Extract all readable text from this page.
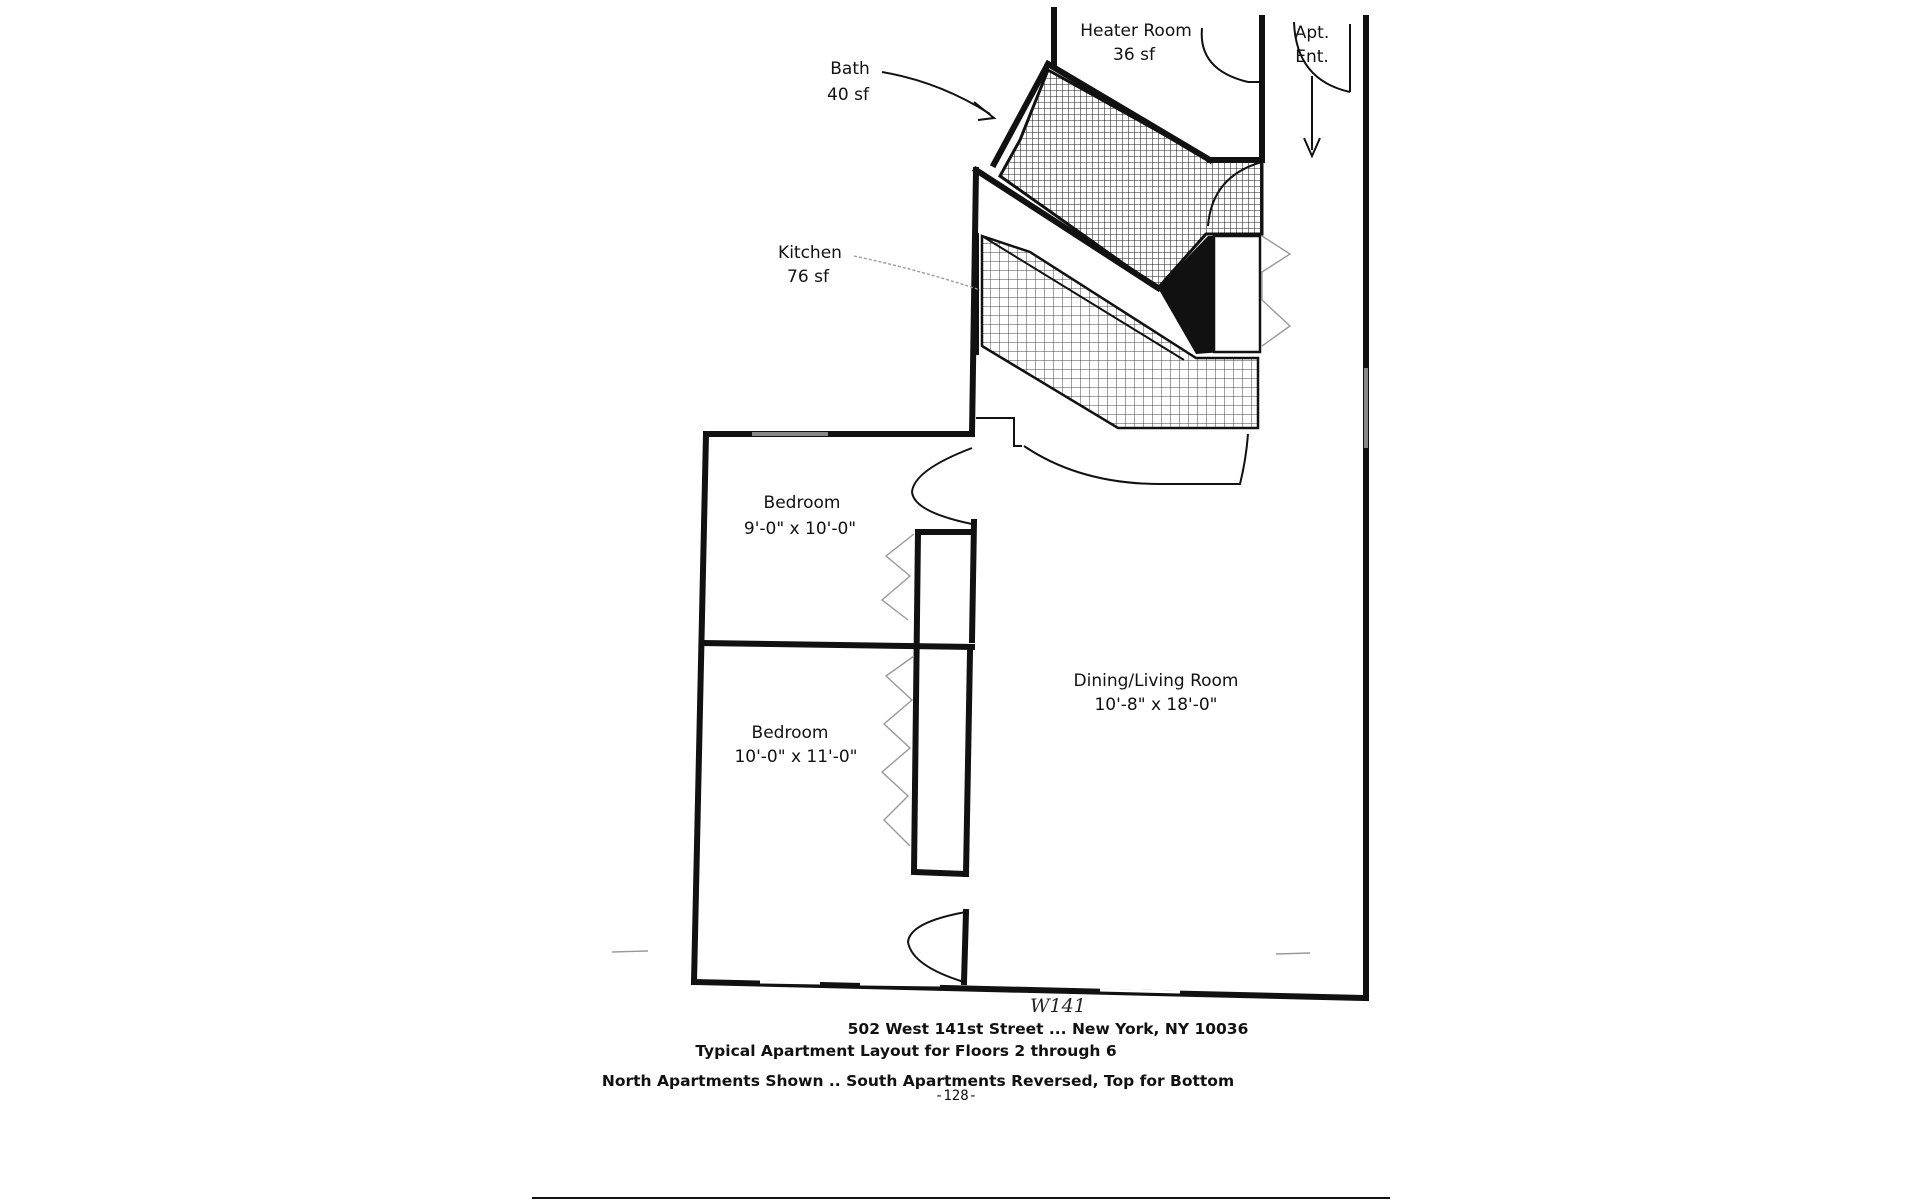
Heater Room
36 sf
Apt.
Ent.
Bath
40 sf
Kitchen
76 sf
Bedroom
9'-0" x 10'-0"
Bedroom
10'-0" x 11'-0"
Dining/Living Room
10'-8" x 18'-0"
W141
502 West 141st Street ... New York, NY 10036
Typical Apartment Layout for Floors 2 through 6
North Apartments Shown .. South Apartments Reversed, Top for Bottom
-128-
